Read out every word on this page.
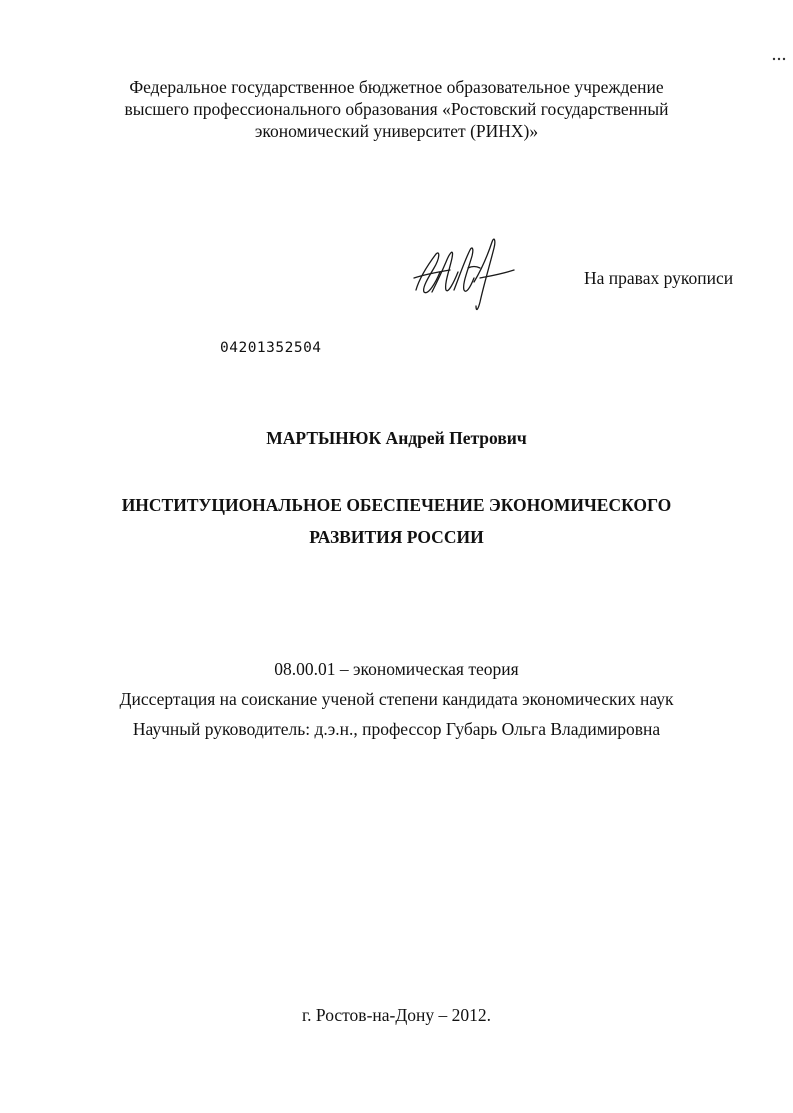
Федеральное государственное бюджетное образовательное учреждение
высшего профессионального образования «Ростовский государственный
экономический университет (РИНХ)»
На правах рукописи
04201352504
МАРТЫНЮК Андрей Петрович
ИНСТИТУЦИОНАЛЬНОЕ ОБЕСПЕЧЕНИЕ ЭКОНОМИЧЕСКОГО
РАЗВИТИЯ РОССИИ
08.00.01 – экономическая теория
Диссертация на соискание ученой степени кандидата экономических наук
Научный руководитель: д.э.н., профессор Губарь Ольга Владимировна
г. Ростов-на-Дону – 2012.
